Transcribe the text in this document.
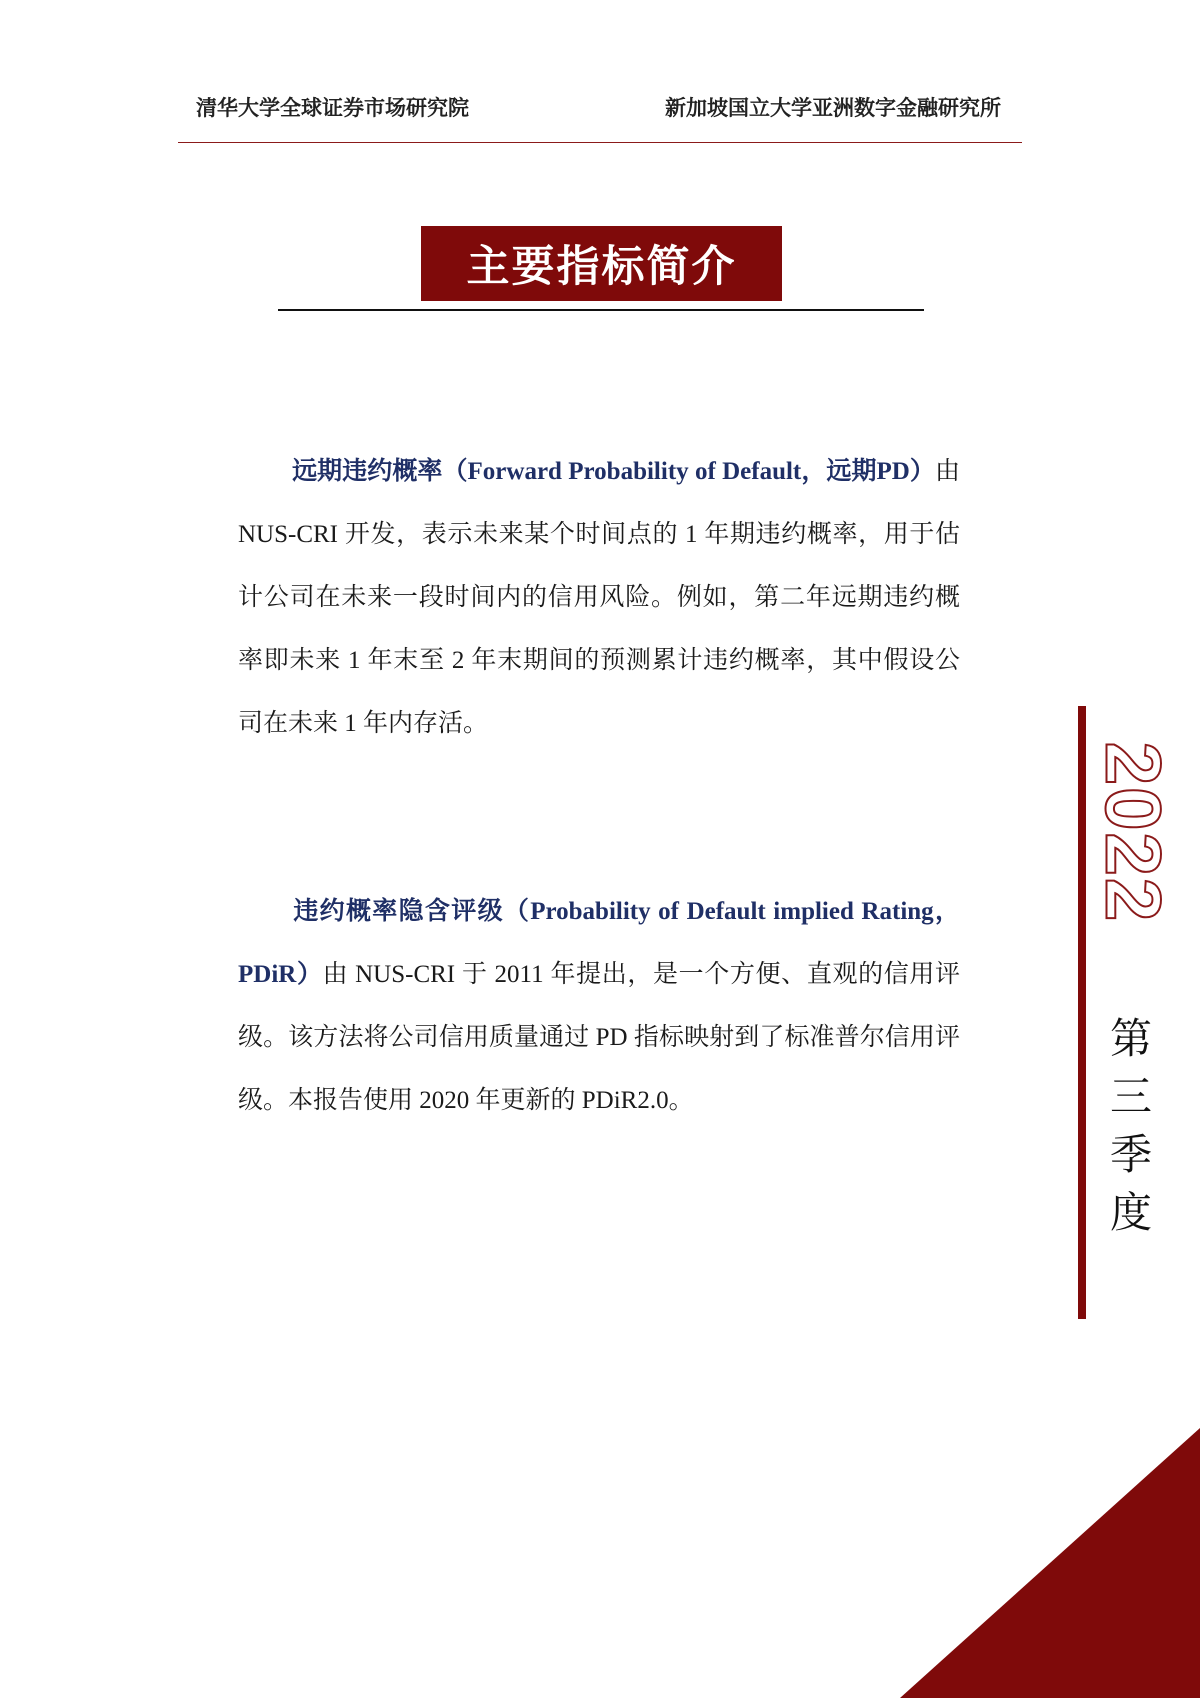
清华大学全球证券市场研究院	新加坡国立大学亚洲数字金融研究所
主要指标简介
远期违约概率（Forward Probability of Default，远期PD）由 NUS-CRI 开发，表示未来某个时间点的 1 年期违约概率，用于估计公司在未来一段时间内的信用风险。例如，第二年远期违约概率即未来 1 年末至 2 年末期间的预测累计违约概率，其中假设公司在未来 1 年内存活。
违约概率隐含评级（Probability of Default implied Rating，PDiR）由 NUS-CRI 于 2011 年提出，是一个方便、直观的信用评级。该方法将公司信用质量通过 PD 指标映射到了标准普尔信用评级。本报告使用 2020 年更新的 PDiR2.0。
2022
第
三
季
度
